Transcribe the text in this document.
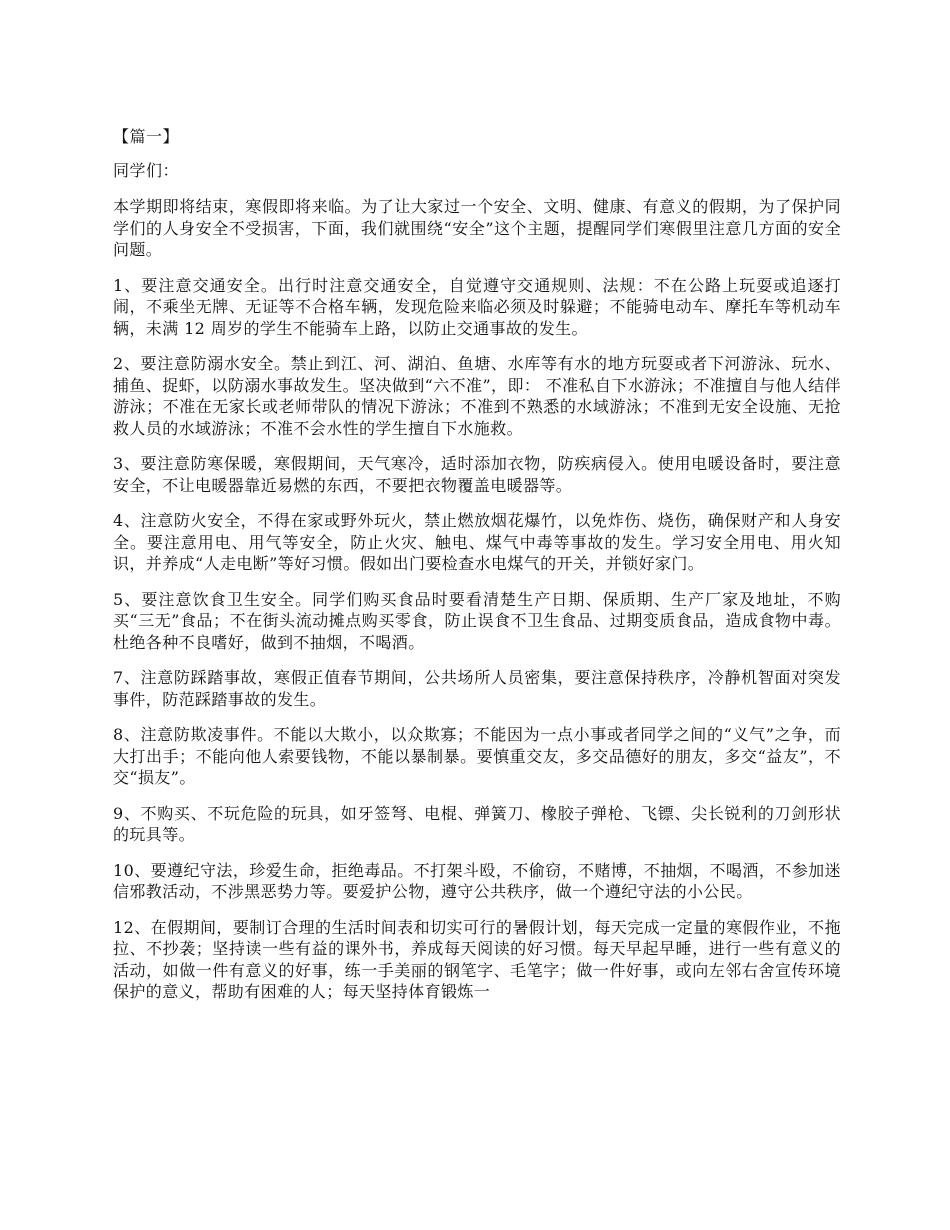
【篇一】
同学们：

本学期即将结束，寒假即将来临。为了让大家过一个安全、文明、健康、有意义的假期，为了保护同学们的人身安全不受损害，下面，我们就围绕“安全”这个主题，提醒同学们寒假里注意几方面的安全问题。

1、要注意交通安全。出行时注意交通安全，自觉遵守交通规则、法规：不在公路上玩耍或追逐打闹，不乘坐无牌、无证等不合格车辆，发现危险来临必须及时躲避；不能骑电动车、摩托车等机动车辆，未满 12 周岁的学生不能骑车上路，以防止交通事故的发生。

2、要注意防溺水安全。禁止到江、河、湖泊、鱼塘、水库等有水的地方玩耍或者下河游泳、玩水、捕鱼、捉虾，以防溺水事故发生。坚决做到“六不准”，即： 不准私自下水游泳；不准擅自与他人结伴游泳；不准在无家长或老师带队的情况下游泳；不准到不熟悉的水域游泳；不准到无安全设施、无抢救人员的水域游泳；不准不会水性的学生擅自下水施救。

3、要注意防寒保暖，寒假期间，天气寒冷，适时添加衣物，防疾病侵入。使用电暖设备时，要注意安全，不让电暖器靠近易燃的东西，不要把衣物覆盖电暖器等。

4、注意防火安全，不得在家或野外玩火，禁止燃放烟花爆竹，以免炸伤、烧伤，确保财产和人身安全。要注意用电、用气等安全，防止火灾、触电、煤气中毒等事故的发生。学习安全用电、用火知识，并养成“人走电断”等好习惯。假如出门要检查水电煤气的开关，并锁好家门。

5、要注意饮食卫生安全。同学们购买食品时要看清楚生产日期、保质期、生产厂家及地址，不购买“三无”食品；不在街头流动摊点购买零食，防止误食不卫生食品、过期变质食品，造成食物中毒。杜绝各种不良嗜好，做到不抽烟，不喝酒。

7、注意防踩踏事故，寒假正值春节期间，公共场所人员密集，要注意保持秩序，冷静机智面对突发事件，防范踩踏事故的发生。

8、注意防欺凌事件。不能以大欺小，以众欺寡；不能因为一点小事或者同学之间的“义气”之争，而大打出手；不能向他人索要钱物，不能以暴制暴。要慎重交友，多交品德好的朋友，多交“益友”，不交“损友”。

9、不购买、不玩危险的玩具，如牙签弩、电棍、弹簧刀、橡胶子弹枪、飞镖、尖长锐利的刀剑形状的玩具等。

10、要遵纪守法，珍爱生命，拒绝毒品。不打架斗殴，不偷窃，不赌博，不抽烟，不喝酒，不参加迷信邪教活动，不涉黑恶势力等。要爱护公物，遵守公共秩序，做一个遵纪守法的小公民。

12、在假期间，要制订合理的生活时间表和切实可行的暑假计划，每天完成一定量的寒假作业，不拖拉、不抄袭；坚持读一些有益的课外书，养成每天阅读的好习惯。每天早起早睡，进行一些有意义的活动，如做一件有意义的好事，练一手美丽的钢笔字、毛笔字；做一件好事，或向左邻右舍宣传环境保护的意义，帮助有困难的人；每天坚持体育锻炼一
